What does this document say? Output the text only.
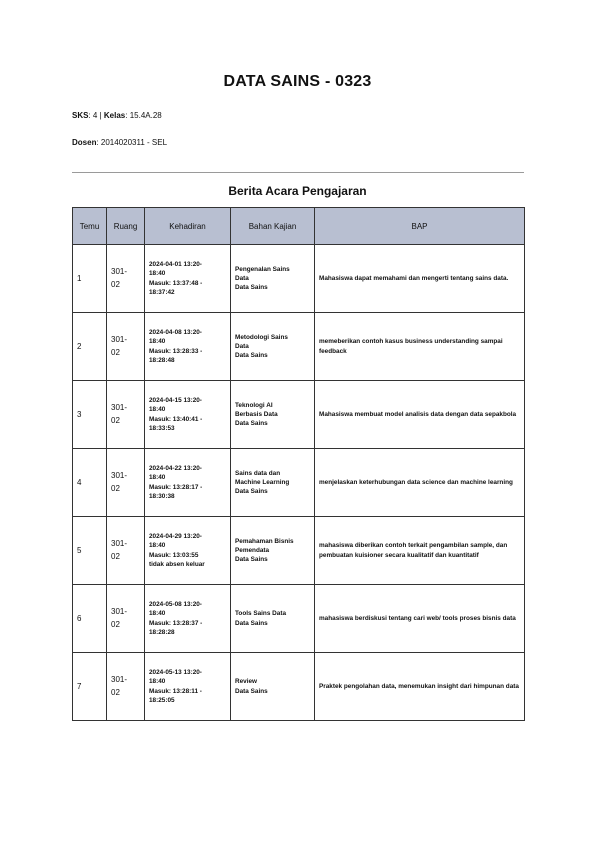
DATA SAINS - 0323
SKS: 4 | Kelas: 15.4A.28
Dosen: 2014020311 - SEL
Berita Acara Pengajaran
Temu	Ruang	Kehadiran	Bahan Kajian	BAP
1	301-
02	2024-04-01 13:20-
18:40
Masuk: 13:37:48 -
18:37:42	Pengenalan Sains
Data
Data Sains	Mahasiswa dapat memahami dan mengerti tentang sains data.

2	301-
02	2024-04-08 13:20-
18:40
Masuk: 13:28:33 -
18:28:48	Metodologi Sains
Data
Data Sains	memeberikan contoh kasus business understanding sampai feedback

3	301-
02	2024-04-15 13:20-
18:40
Masuk: 13:40:41 -
18:33:53	Teknologi AI
Berbasis Data
Data Sains	Mahasiswa membuat model analisis data dengan data sepakbola

4	301-
02	2024-04-22 13:20-
18:40
Masuk: 13:28:17 -
18:30:38	Sains data dan
Machine Learning
Data Sains	menjelaskan keterhubungan data science dan machine learning

5	301-
02	2024-04-29 13:20-
18:40
Masuk: 13:03:55
tidak absen keluar	Pemahaman Bisnis
Pemendata
Data Sains	mahasiswa diberikan contoh terkait pengambilan sample, dan pembuatan kuisioner secara kualitatif dan kuantitatif

6	301-
02	2024-05-08 13:20-
18:40
Masuk: 13:28:37 -
18:28:28	Tools Sains Data
Data Sains	mahasiswa berdiskusi tentang cari web/ tools proses bisnis data

7	301-
02	2024-05-13 13:20-
18:40
Masuk: 13:28:11 -
18:25:05	Review
Data Sains	Praktek pengolahan data, menemukan insight dari himpunan data
